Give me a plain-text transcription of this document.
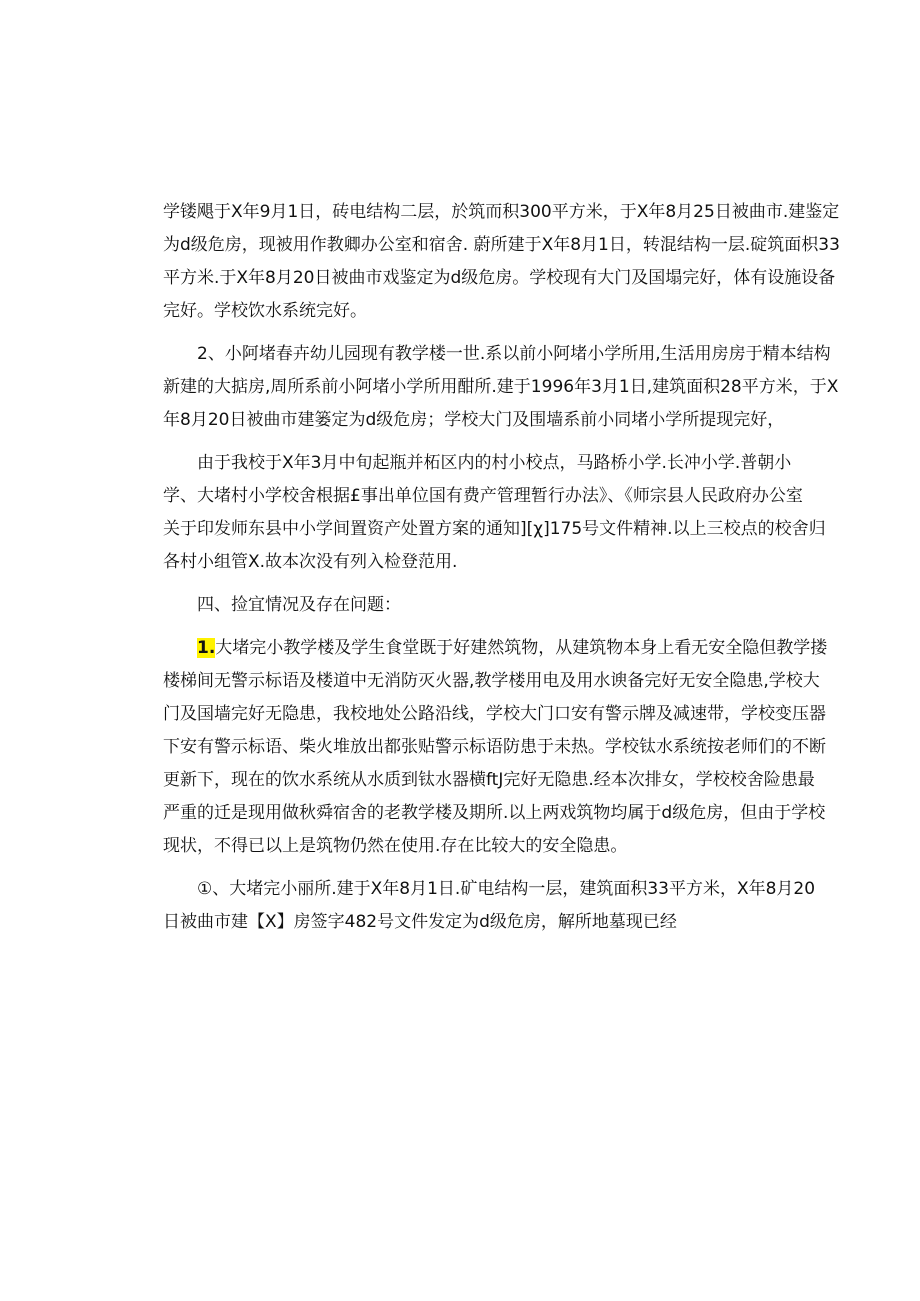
学镂飓于X年9月1日，砖电结构二层，於筑而积300平方米，于X年8月25日被曲市.建鉴定
为d级危房，现被用作教卿办公室和宿舍. 蔚所建于X年8月1日，转混结构一层.碇筑面枳33
平方米.于X年8月20日被曲市戏鉴定为d级危房。学校现有大门及国塌完好，体有设施设备
完好。学校饮水系统完好。
2、小阿堵春卉幼儿园现有教学楼一世.系以前小阿堵小学所用,生活用房房于精本结构
新建的大掂房,周所系前小阿堵小学所用酣所.建于1996年3月1日,建筑面积28平方米，于X
年8月20日被曲市建篓定为d级危房；学校大门及围墙系前小同堵小学所提现完好，
由于我校于X年3月中旬起瓶并柘区内的村小校点，马路桥小学.长冲小学.普朝小
学、大堵村小学校舍根据£事出单位国有费产管理暂行办法》、《师宗县人民政府办公室
关于印发师东县中小学间置资产处置方案的通知][χ]175号文件精神.以上三校点的校舍归
各村小组管X.故本次没有列入检登范用.
四、捡宜情况及存在问题：
1.大堵完小教学楼及学生食堂既于好建然筑物，从建筑物本身上看无安全隐但教学搂
楼梯间无警示标语及楼道中无消防灭火器,教学楼用电及用水谀备完好无安全隐患,学校大
门及国墙完好无隐患，我校地处公路沿线，学校大门口安有警示牌及减速带，学校变压器
下安有警示标语、柴火堆放出都张贴警示标语防患于未热。学校钛水系统按老师们的不断
更新下，现在的饮水系统从水质到钛水器横ftJ完好无隐患.经本次排女，学校校舍险患最
严重的迁是现用做秋舜宿舍的老教学楼及期所.以上两戏筑物均属于d级危房，但由于学校
现状，不得已以上是筑物仍然在使用.存在比较大的安全隐患。
①、大堵完小丽所.建于X年8月1日.矿电结构一层，建筑面积33平方米，X年8月20
日被曲市建【X】房签字482号文件发定为d级危房，解所地墓现已经
